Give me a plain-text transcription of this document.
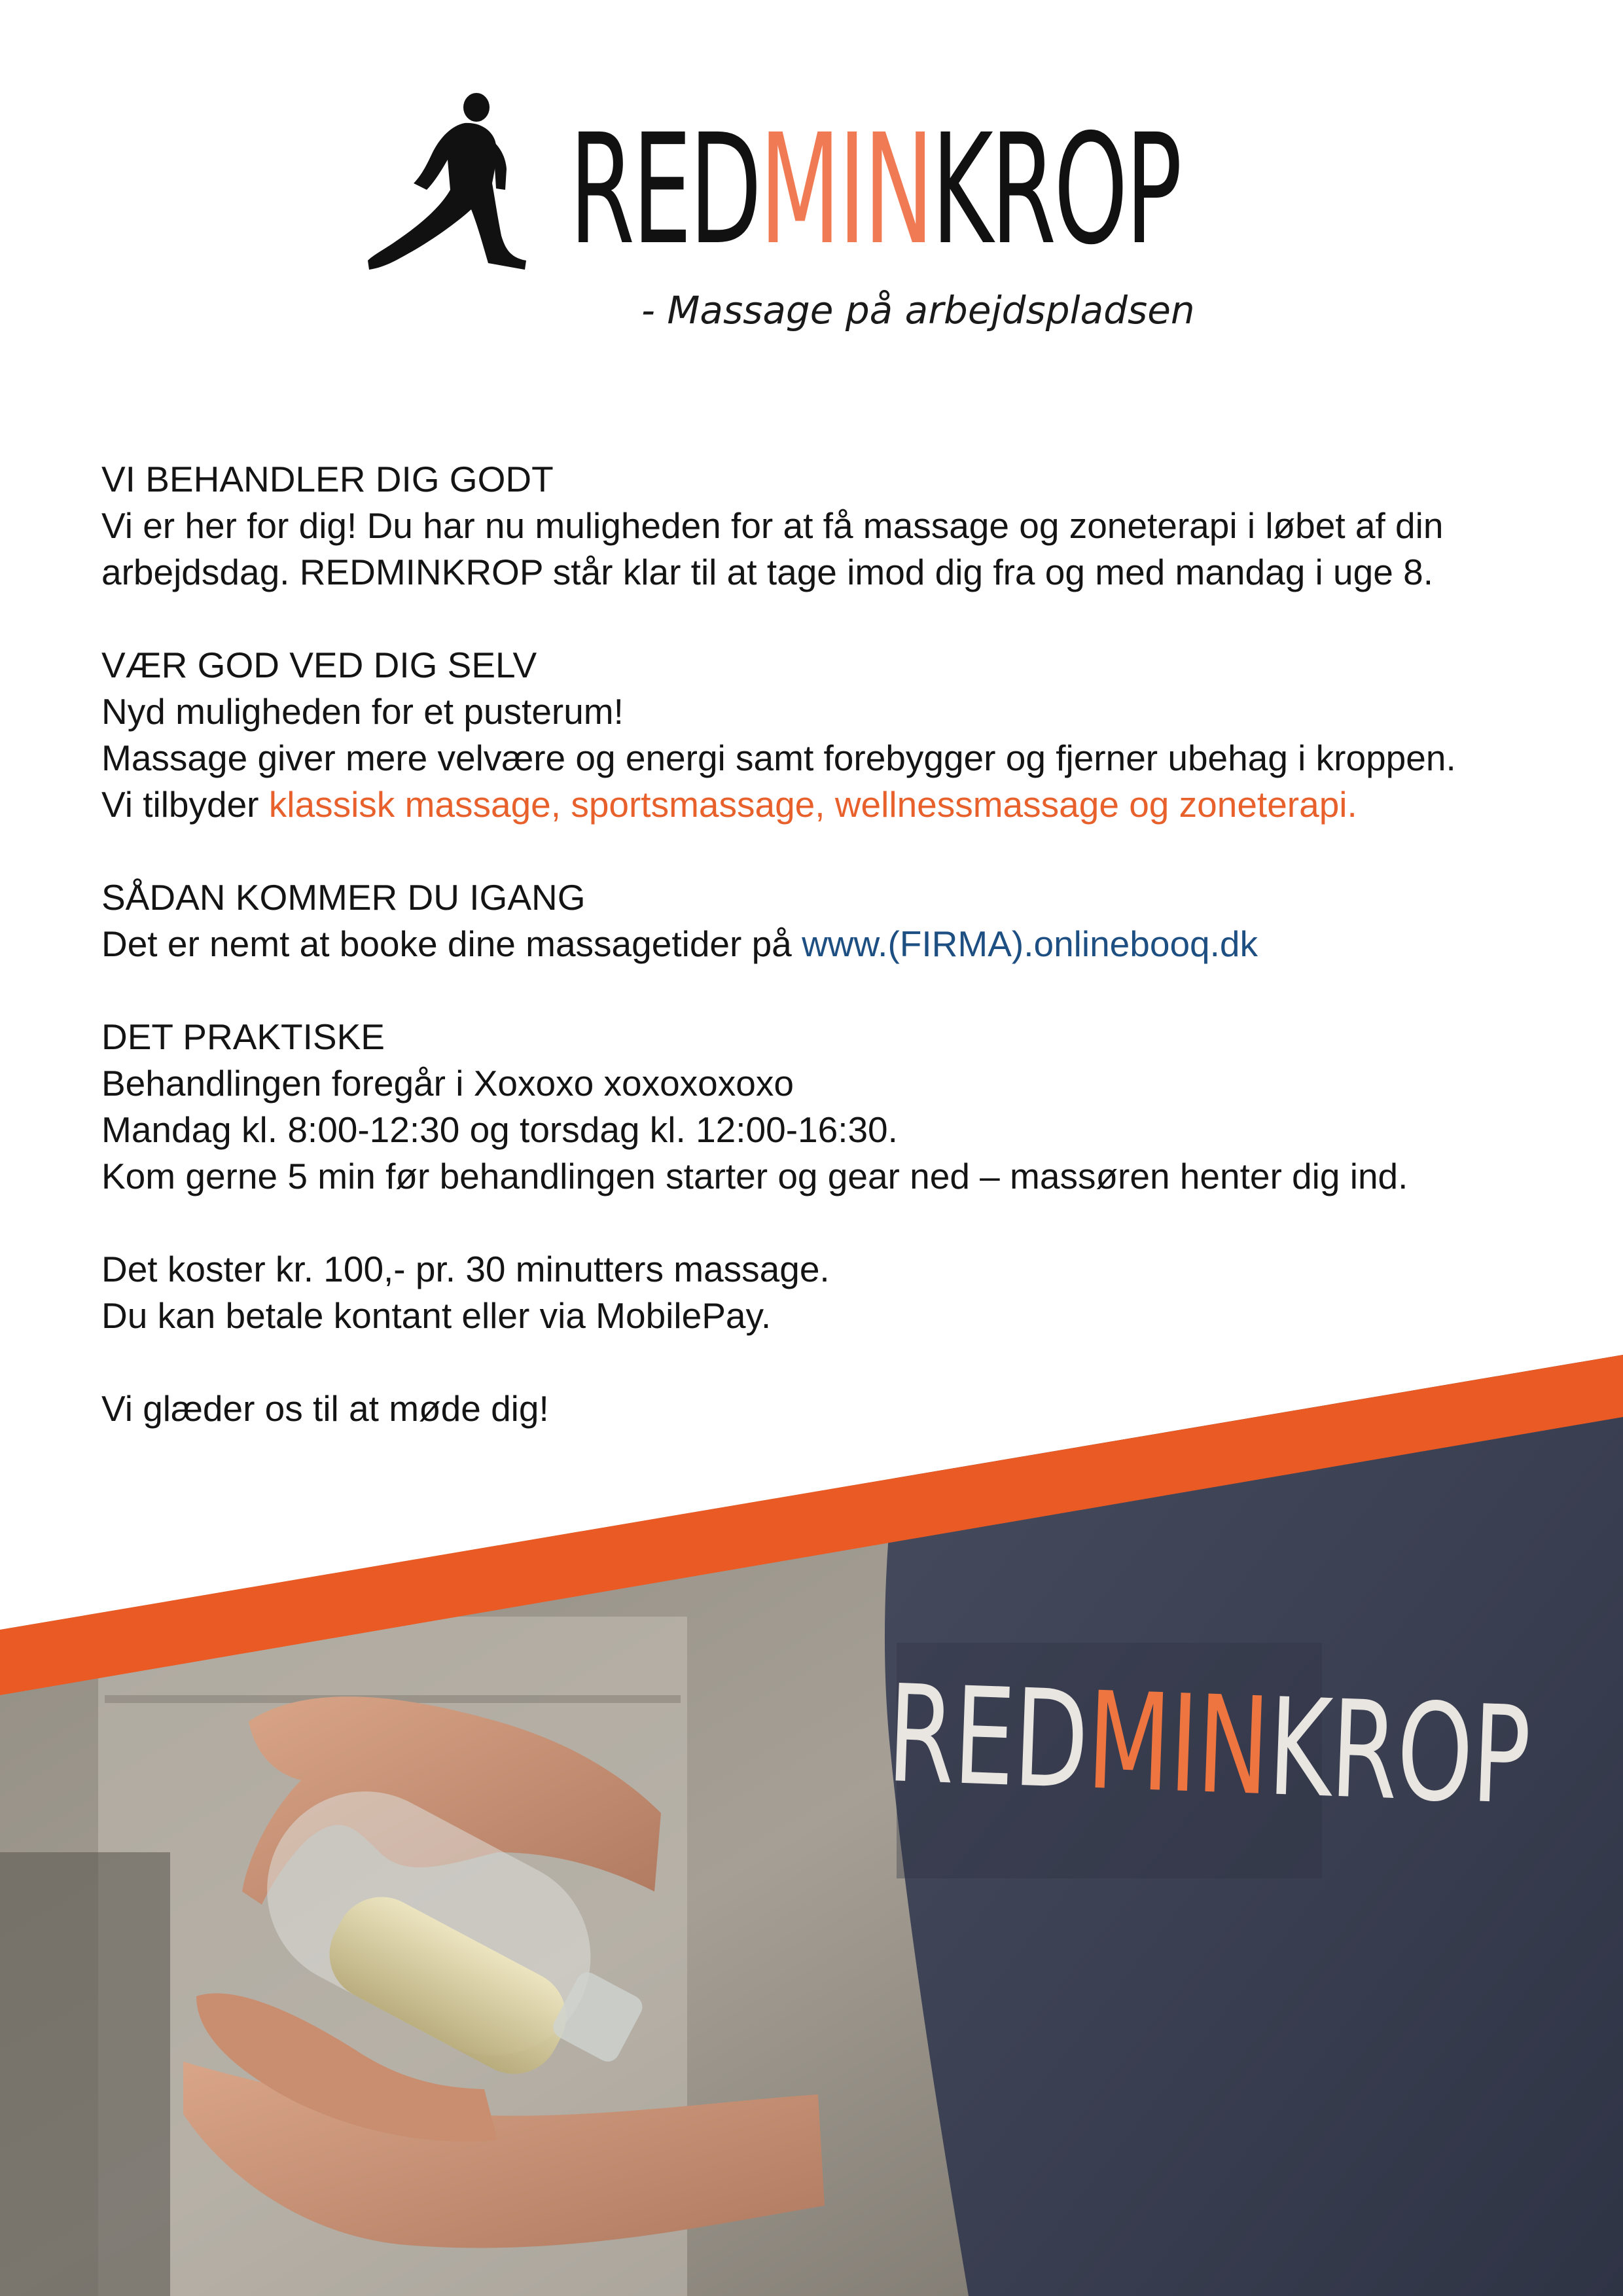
RED MIN KROP
- Massage på arbejdspladsen
VI BEHANDLER DIG GODT
Vi er her for dig! Du har nu muligheden for at få massage og zoneterapi i løbet af din
arbejdsdag. REDMINKROP står klar til at tage imod dig fra og med mandag i uge 8.
VÆR GOD VED DIG SELV
Nyd muligheden for et pusterum!
Massage giver mere velvære og energi samt forebygger og fjerner ubehag i kroppen.
Vi tilbyder klassisk massage, sportsmassage, wellnessmassage og zoneterapi.
SÅDAN KOMMER DU IGANG
Det er nemt at booke dine massagetider på www.(FIRMA).onlinebooq.dk
DET PRAKTISKE
Behandlingen foregår i Xoxoxo xoxoxoxoxo
Mandag kl. 8:00-12:30 og torsdag kl. 12:00-16:30.
Kom gerne 5 min før behandlingen starter og gear ned – massøren henter dig ind.
Det koster kr. 100,- pr. 30 minutters massage.
Du kan betale kontant eller via MobilePay.
Vi glæder os til at møde dig!
REDMINKROP
